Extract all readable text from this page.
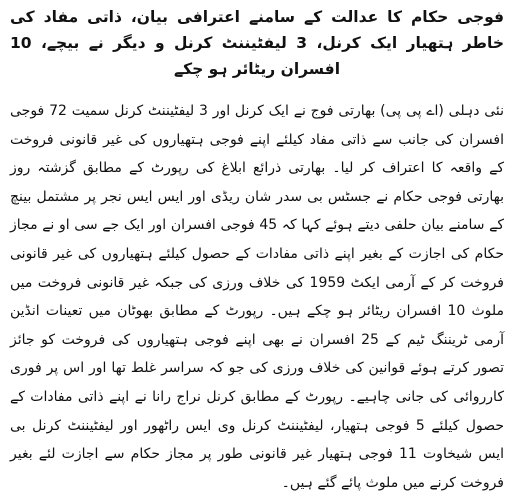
فوجی حکام کا عدالت کے سامنے اعترافی بیان، ذاتی مفاد کی خاطر ہتھیار ایک کرنل، 3 لیفٹیننٹ کرنل و دیگر نے بیچے، 10 افسران ریٹائر ہو چکے

نئی دہلی (اے پی پی) بھارتی فوج نے ایک کرنل اور 3 لیفٹیننٹ کرنل سمیت 72 فوجی افسران کی جانب سے ذاتی مفاد کیلئے اپنے فوجی ہتھیاروں کی غیر قانونی فروخت کے واقعہ کا اعتراف کر لیا۔ بھارتی ذرائع ابلاغ کی رپورٹ کے مطابق گزشتہ روز بھارتی فوجی حکام نے جسٹس بی سدر شان ریڈی اور ایس ایس نجر پر مشتمل بینچ کے سامنے بیان حلفی دیتے ہوئے کہا کہ 45 فوجی افسران اور ایک جے سی او نے مجاز حکام کی اجازت کے بغیر اپنے ذاتی مفادات کے حصول کیلئے ہتھیاروں کی غیر قانونی فروخت کر کے آرمی ایکٹ 1959 کی خلاف ورزی کی جبکہ غیر قانونی فروخت میں ملوث 10 افسران ریٹائر ہو چکے ہیں۔ رپورٹ کے مطابق بھوٹان میں تعینات انڈین آرمی ٹریننگ ٹیم کے 25 افسران نے بھی اپنے فوجی ہتھیاروں کی فروخت کو جائز تصور کرتے ہوئے قوانین کی خلاف ورزی کی جو کہ سراسر غلط تھا اور اس پر فوری کارروائی کی جانی چاہیے۔ رپورٹ کے مطابق کرنل نراج رانا نے اپنے ذاتی مفادات کے حصول کیلئے 5 فوجی ہتھیار، لیفٹیننٹ کرنل وی ایس راٹھور اور لیفٹیننٹ کرنل بی ایس شیخاوت 11 فوجی ہتھیار غیر قانونی طور پر مجاز حکام سے اجازت لئے بغیر فروخت کرنے میں ملوث پائے گئے ہیں۔
